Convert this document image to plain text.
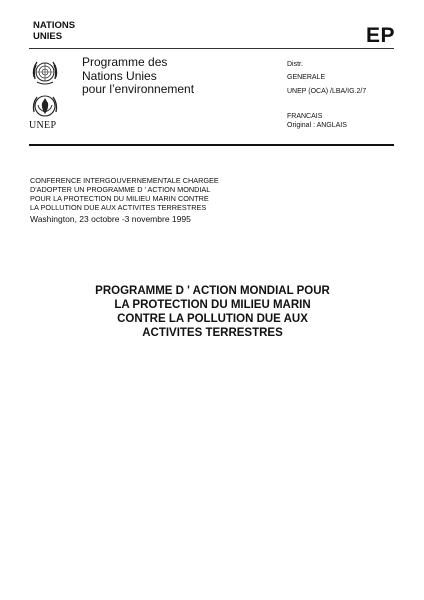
NATIONS
UNIES	EP
UNEP
Programme des
Nations Unies
pour l’environnement
Distr.
GENERALE
UNEP (OCA) /LBA/IG.2/7
FRANCAIS
Original : ANGLAIS
CONFERENCE INTERGOUVERNEMENTALE CHARGEE
D'ADOPTER UN PROGRAMME D ' ACTION MONDIAL
POUR LA PROTECTION DU MILIEU MARIN CONTRE
LA POLLUTION DUE AUX ACTIVITES TERRESTRES
Washington, 23 octobre -3 novembre 1995
PROGRAMME D ' ACTION MONDIAL POUR
LA PROTECTION DU MILIEU MARIN
CONTRE LA POLLUTION DUE AUX
ACTIVITES TERRESTRES
